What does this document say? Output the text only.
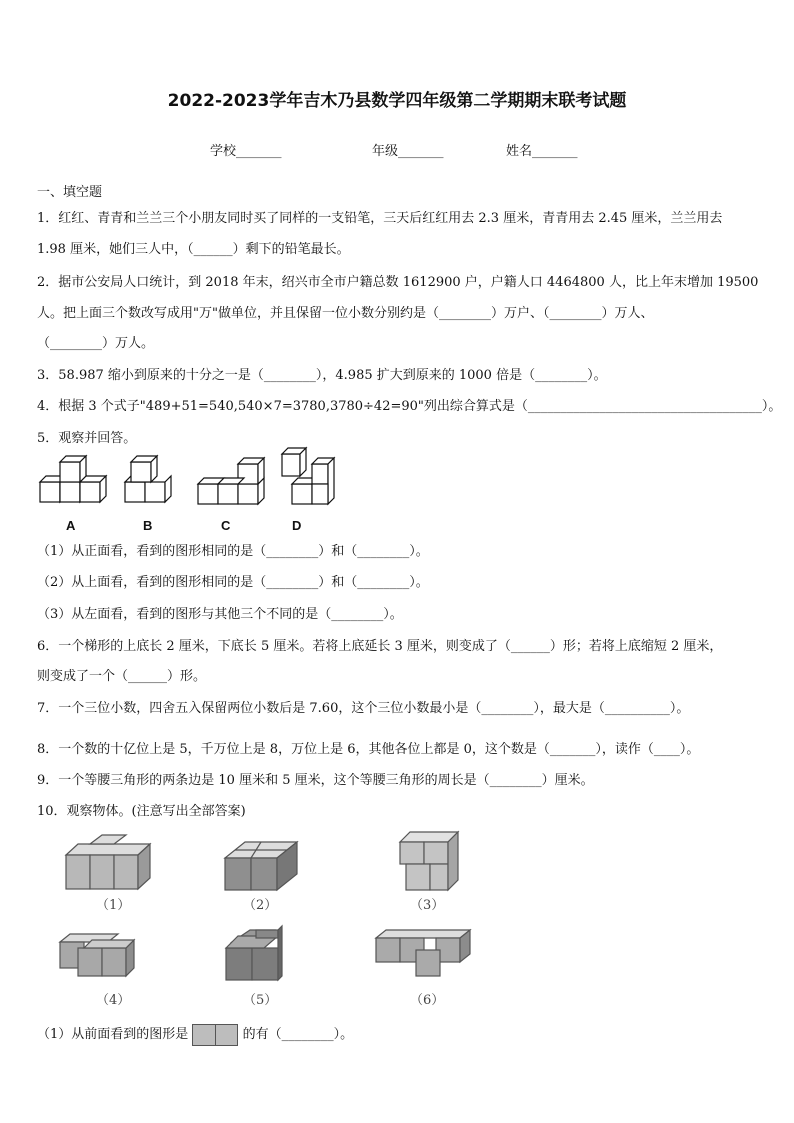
2022-2023学年吉木乃县数学四年级第二学期期末联考试题
学校_______	年级_______	姓名_______
一、填空题
1．红红、青青和兰兰三个小朋友同时买了同样的一支铅笔，三天后红红用去 2.3 厘米，青青用去 2.45 厘米，兰兰用去
1.98 厘米，她们三人中，（______）剩下的铅笔最长。
2．据市公安局人口统计，到 2018 年末，绍兴市全市户籍总数 1612900 户，户籍人口 4464800 人，比上年末增加 19500
人。把上面三个数改写成用"万"做单位，并且保留一位小数分别约是（________）万户、（________）万人、
（________）万人。
3．58.987 缩小到原来的十分之一是（________），4.985 扩大到原来的 1000 倍是（________）。
4．根据 3 个式子"489+51=540,540×7=3780,3780÷42=90"列出综合算式是（____________________________________）。
5．观察并回答。
A	B	C	D
（1）从正面看，看到的图形相同的是（________）和（________）。
（2）从上面看，看到的图形相同的是（________）和（________）。
（3）从左面看，看到的图形与其他三个不同的是（________）。
6．一个梯形的上底长 2 厘米，下底长 5 厘米。若将上底延长 3 厘米，则变成了（______）形；若将上底缩短 2 厘米，
则变成了一个（______）形。
7．一个三位小数，四舍五入保留两位小数后是 7.60，这个三位小数最小是（________），最大是（__________）。
8．一个数的十亿位上是 5，千万位上是 8，万位上是 6，其他各位上都是 0，这个数是（_______），读作（____）。
9．一个等腰三角形的两条边是 10 厘米和 5 厘米，这个等腰三角形的周长是（________）厘米。
10．观察物体。(注意写出全部答案)
（1）	（2）	（3）
（4）	（5）	（6）
（1）从前面看到的图形是	的有（________）。
